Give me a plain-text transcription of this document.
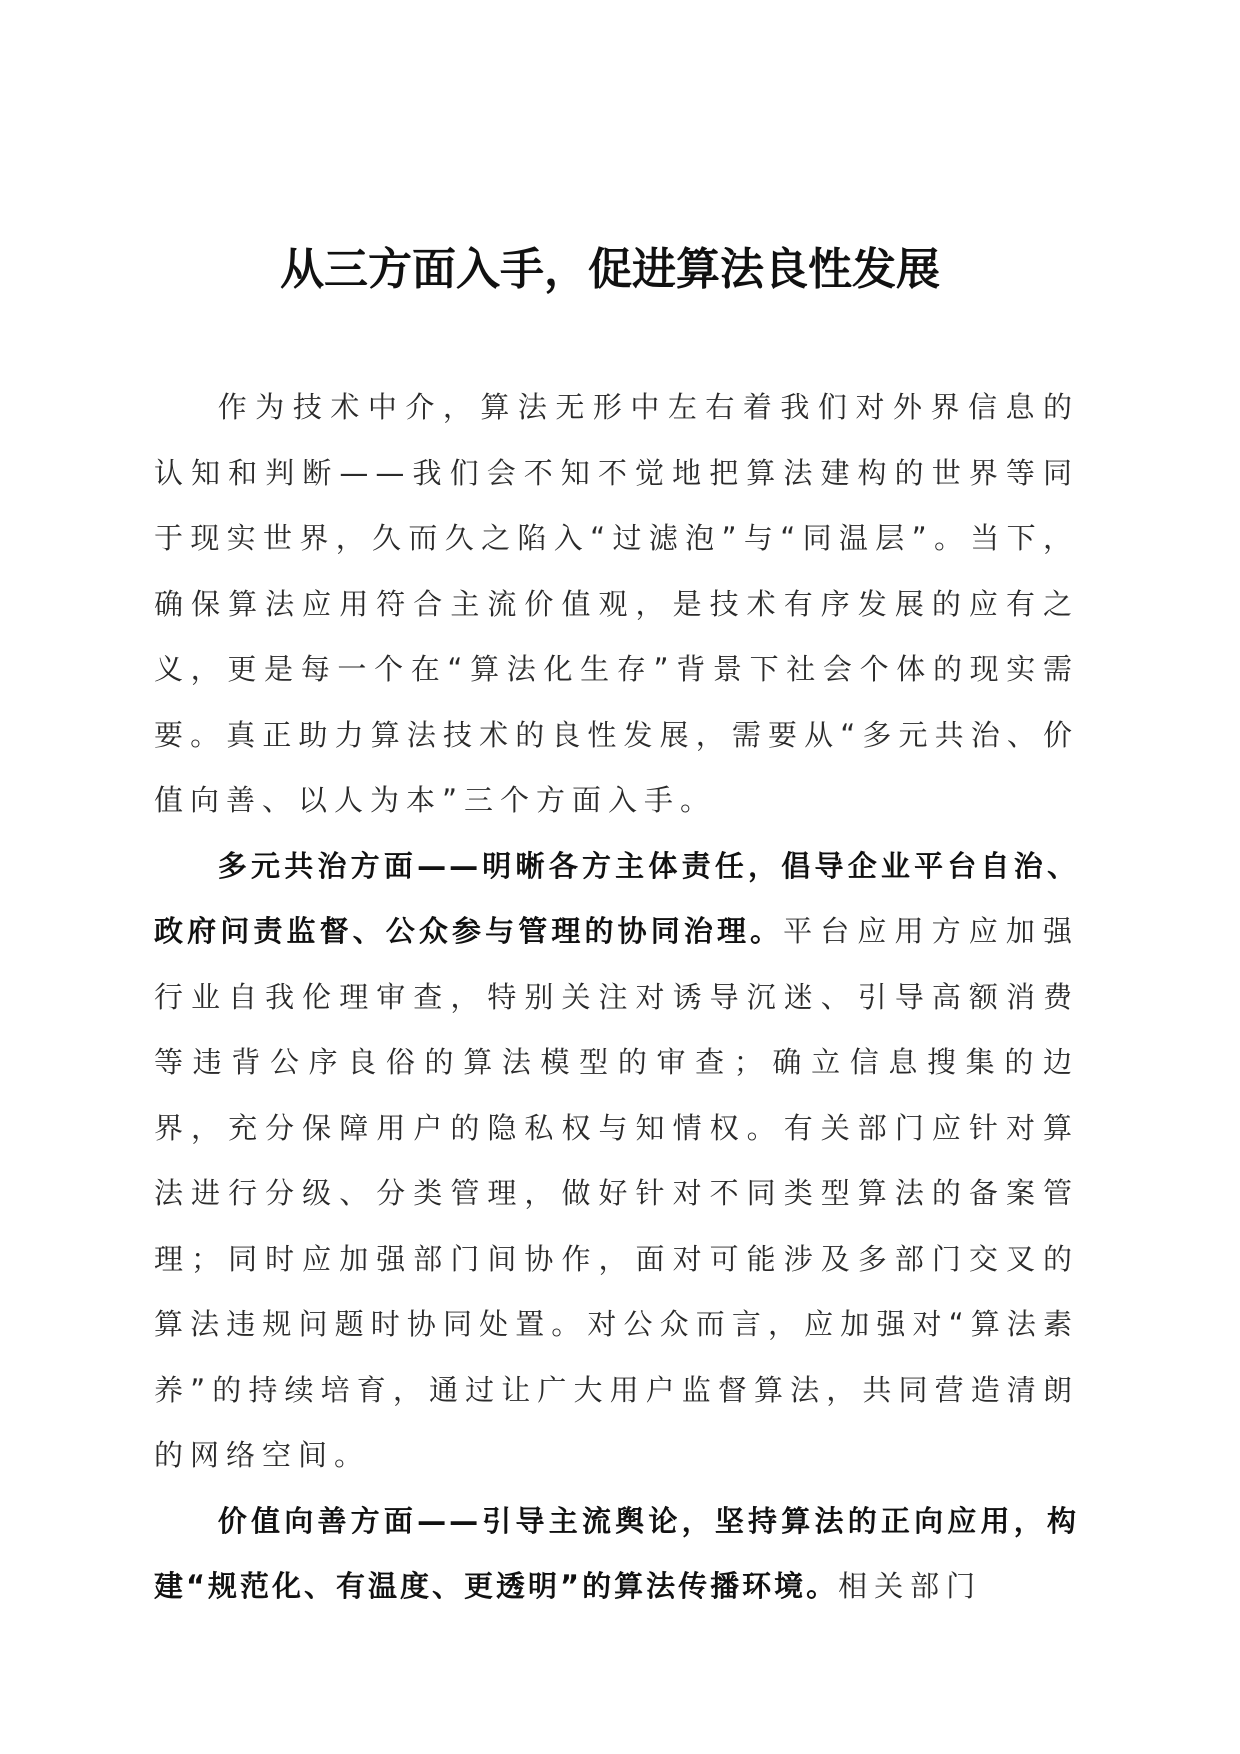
从三方面入手，促进算法良性发展

作为技术中介，算法无形中左右着我们对外界信息的认知和判断——我们会不知不觉地把算法建构的世界等同于现实世界，久而久之陷入“过滤泡”与“同温层”。当下，确保算法应用符合主流价值观，是技术有序发展的应有之义，更是每一个在“算法化生存”背景下社会个体的现实需要。真正助力算法技术的良性发展，需要从“多元共治、价值向善、以人为本”三个方面入手。

多元共治方面——明晰各方主体责任，倡导企业平台自治、政府问责监督、公众参与管理的协同治理。平台应用方应加强行业自我伦理审查，特别关注对诱导沉迷、引导高额消费等违背公序良俗的算法模型的审查；确立信息搜集的边界，充分保障用户的隐私权与知情权。有关部门应针对算法进行分级、分类管理，做好针对不同类型算法的备案管理；同时应加强部门间协作，面对可能涉及多部门交叉的算法违规问题时协同处置。对公众而言，应加强对“算法素养”的持续培育，通过让广大用户监督算法，共同营造清朗的网络空间。

价值向善方面——引导主流舆论，坚持算法的正向应用，构建“规范化、有温度、更透明”的算法传播环境。相关部门
